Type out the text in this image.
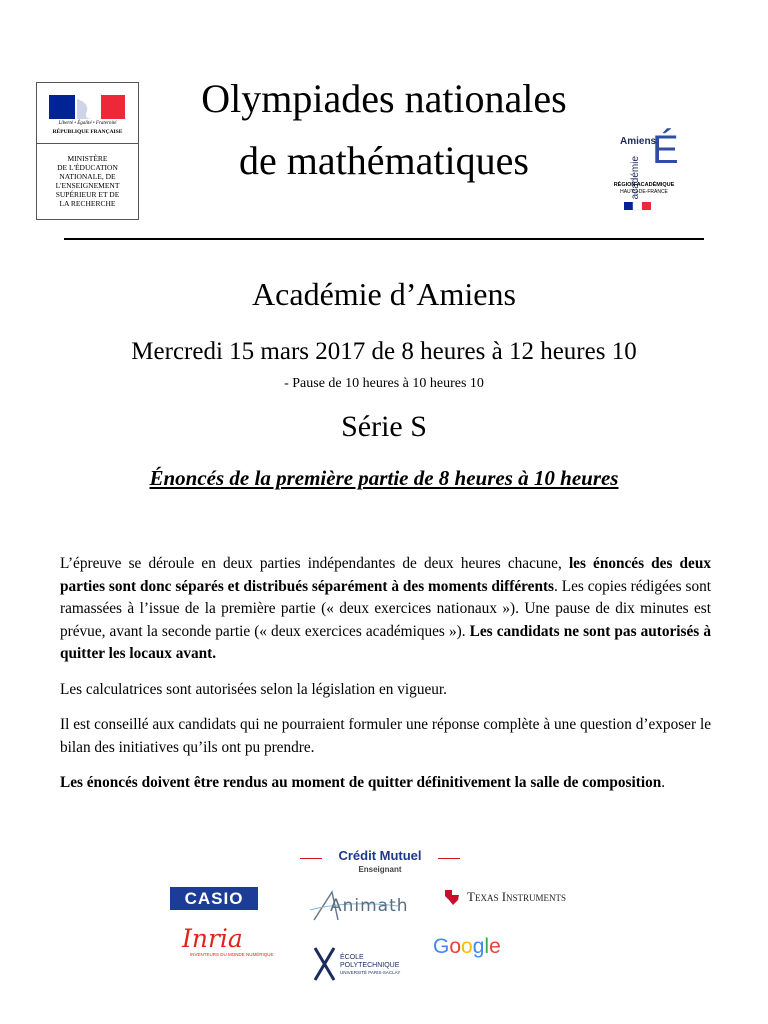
Liberté • Égalité • Fraternité
RÉPUBLIQUE FRANÇAISE
MINISTÈRE
DE L'ÉDUCATION
NATIONALE, DE
L'ENSEIGNEMENT
SUPÉRIEUR ET DE
LA RECHERCHE
Olympiades nationales
de mathématiques	académie
Amiens
É
RÉGION ACADÉMIQUE
HAUTS-DE-FRANCE
Académie d’Amiens
Mercredi 15 mars 2017 de 8 heures à 12 heures 10
- Pause de 10 heures à 10 heures 10
Série S
Énoncés de la première partie de 8 heures à 10 heures

L’épreuve se déroule en deux parties indépendantes de deux heures chacune, les énoncés des deux parties sont donc séparés et distribués séparément à des moments différents. Les copies rédigées sont ramassées à l’issue de la première partie (« deux exercices nationaux »). Une pause de dix minutes est prévue, avant la seconde partie (« deux exercices académiques »). Les candidats ne sont pas autorisés à quitter les locaux avant.

Les calculatrices sont autorisées selon la législation en vigueur.

Il est conseillé aux candidats qui ne pourraient formuler une réponse complète à une question d’exposer le bilan des initiatives qu’ils ont pu prendre.

Les énoncés doivent être rendus au moment de quitter définitivement la salle de composition.

Crédit Mutuel
Enseignant
CASIO	Animath	Texas Instruments
Inria
INVENTEURS DU MONDE NUMÉRIQUE	ÉCOLE
POLYTECHNIQUE
UNIVERSITÉ PARIS-SACLAY
Google
